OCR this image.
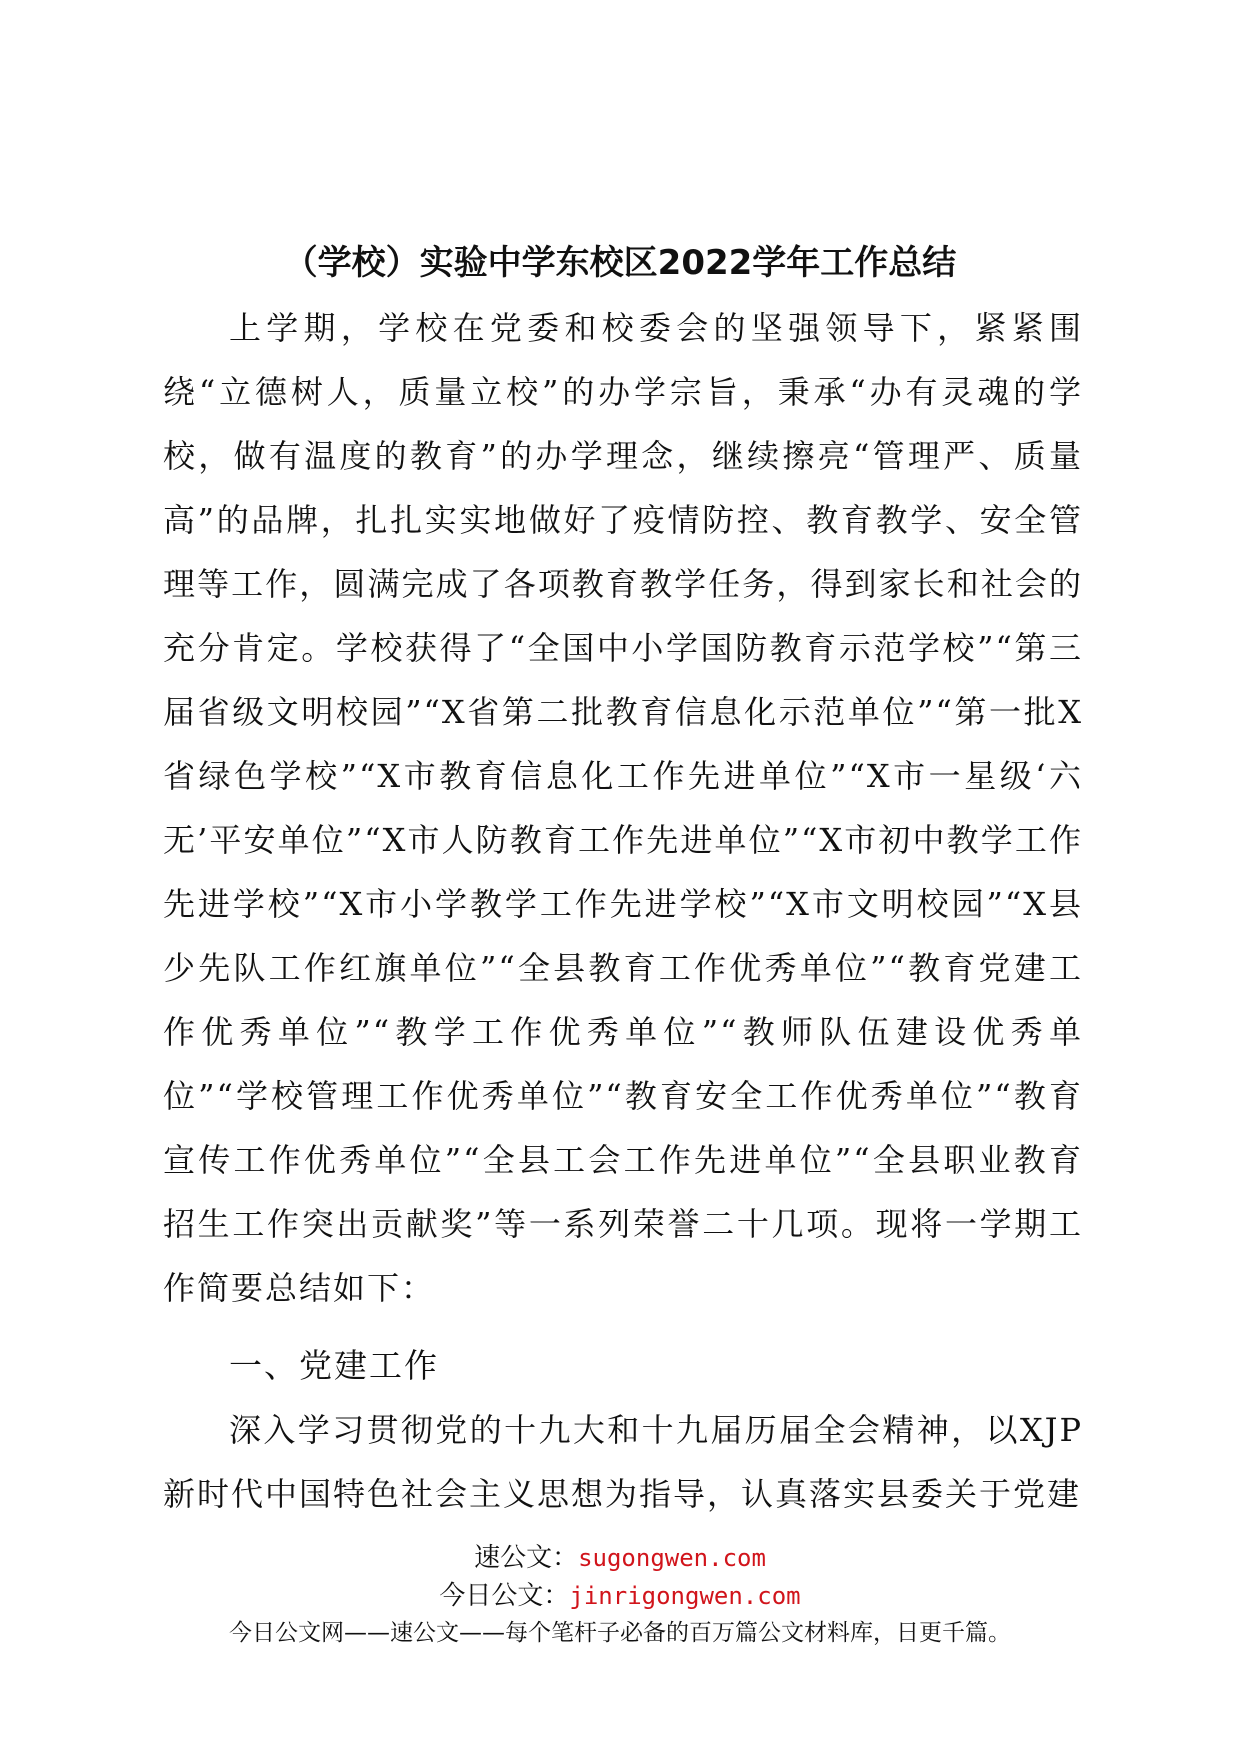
（学校）实验中学东校区2022学年工作总结

上学期，学校在党委和校委会的坚强领导下，紧紧围绕“立德树人，质量立校”的办学宗旨，秉承“办有灵魂的学校，做有温度的教育”的办学理念，继续擦亮“管理严、质量高”的品牌，扎扎实实地做好了疫情防控、教育教学、安全管理等工作，圆满完成了各项教育教学任务，得到家长和社会的充分肯定。学校获得了“全国中小学国防教育示范学校”“第三届省级文明校园”“X省第二批教育信息化示范单位”“第一批X省绿色学校”“X市教育信息化工作先进单位”“X市一星级‘六无’平安单位”“X市人防教育工作先进单位”“X市初中教学工作先进学校”“X市小学教学工作先进学校”“X市文明校园”“X县少先队工作红旗单位”“全县教育工作优秀单位”“教育党建工作优秀单位”“教学工作优秀单位”“教师队伍建设优秀单位”“学校管理工作优秀单位”“教育安全工作优秀单位”“教育宣传工作优秀单位”“全县工会工作先进单位”“全县职业教育招生工作突出贡献奖”等一系列荣誉二十几项。现将一学期工作简要总结如下：

一、党建工作

深入学习贯彻党的十九大和十九届历届全会精神，以XJP新时代中国特色社会主义思想为指导，认真落实县委关于党建

速公文：sugongwen.com
今日公文：jinrigongwen.com
今日公文网——速公文——每个笔杆子必备的百万篇公文材料库，日更千篇。
